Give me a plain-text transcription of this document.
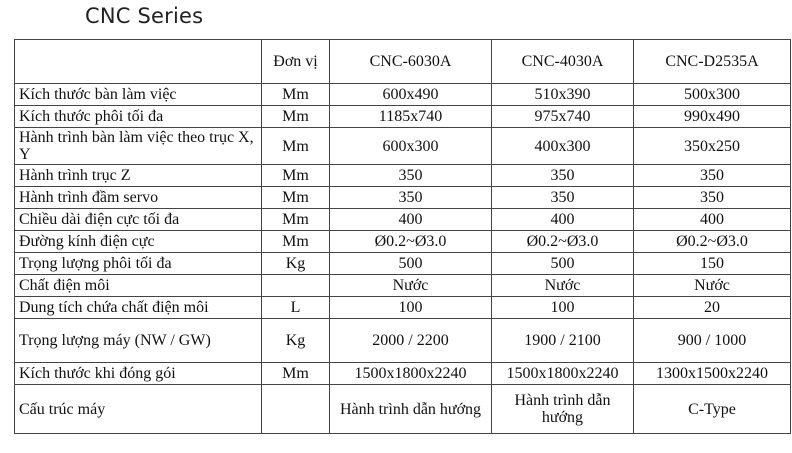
CNC Series
	Đơn vị	CNC-6030A	CNC-4030A	CNC-D2535A
Kích thước bàn làm việc	Mm	600x490	510x390	500x300
Kích thước phôi tối đa	Mm	1185x740	975x740	990x490
Hành trình bàn làm việc theo trục X, Y	Mm	600x300	400x300	350x250
Hành trình trục Z	Mm	350	350	350
Hành trình đầm servo	Mm	350	350	350
Chiều dài điện cực tối đa	Mm	400	400	400
Đường kính điện cực	Mm	Ø0.2~Ø3.0	Ø0.2~Ø3.0	Ø0.2~Ø3.0
Trọng lượng phôi tối đa	Kg	500	500	150
Chất điện môi		Nước	Nước	Nước
Dung tích chứa chất điện môi	L	100	100	20
Trọng lượng máy (NW / GW)	Kg	2000 / 2200	1900 / 2100	900 / 1000
Kích thước khi đóng gói	Mm	1500x1800x2240	1500x1800x2240	1300x1500x2240
Cấu trúc máy		Hành trình dẫn hướng	Hành trình dẫn hướng	C-Type
